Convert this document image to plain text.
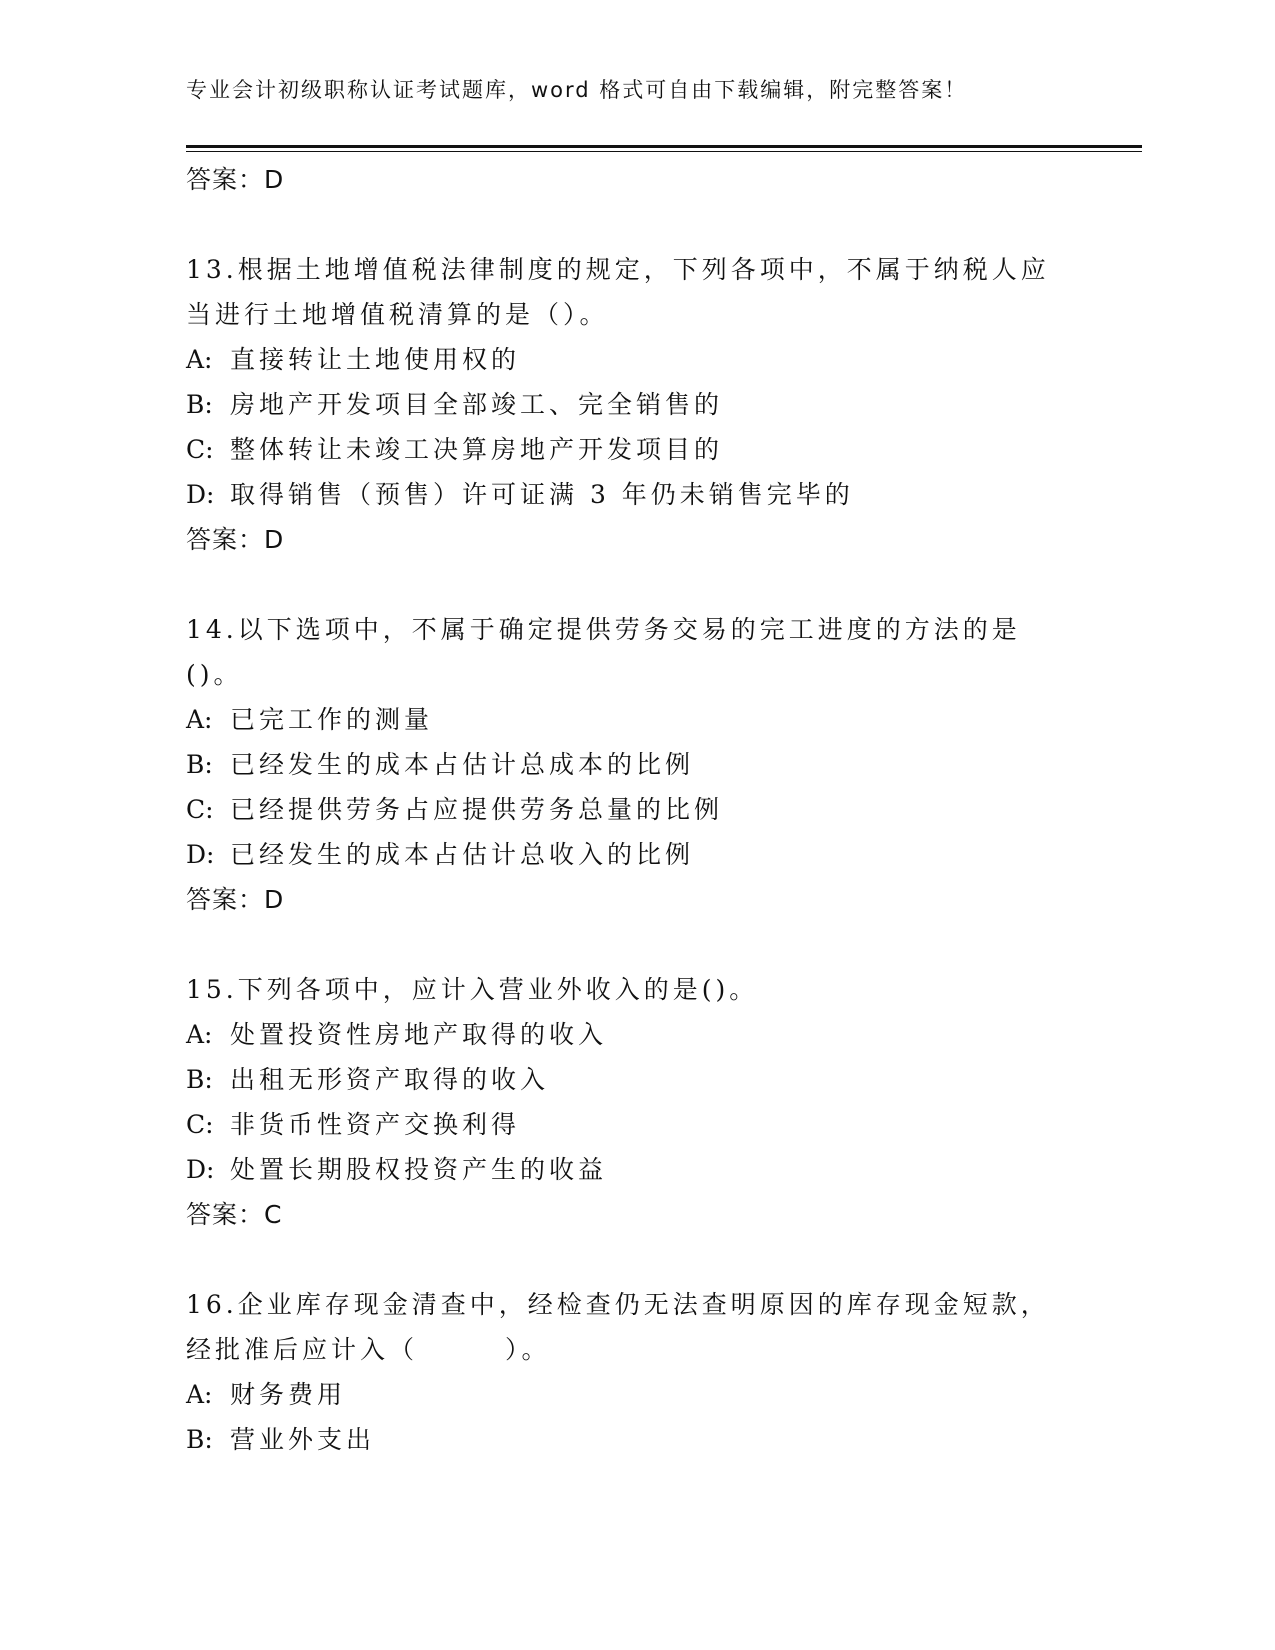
专业会计初级职称认证考试题库，word 格式可自由下载编辑，附完整答案！
答案：D
13.根据土地增值税法律制度的规定，下列各项中，不属于纳税人应当进行土地增值税清算的是（）。
A: 直接转让土地使用权的
B: 房地产开发项目全部竣工、完全销售的
C: 整体转让未竣工决算房地产开发项目的
D: 取得销售（预售）许可证满 3 年仍未销售完毕的
答案：D
14.以下选项中，不属于确定提供劳务交易的完工进度的方法的是()。
A: 已完工作的测量
B: 已经发生的成本占估计总成本的比例
C: 已经提供劳务占应提供劳务总量的比例
D: 已经发生的成本占估计总收入的比例
答案：D
15.下列各项中，应计入营业外收入的是()。
A: 处置投资性房地产取得的收入
B: 出租无形资产取得的收入
C: 非货币性资产交换利得
D: 处置长期股权投资产生的收益
答案：C
16.企业库存现金清查中，经检查仍无法查明原因的库存现金短款，经批准后应计入（　　　）。
A: 财务费用
B: 营业外支出
